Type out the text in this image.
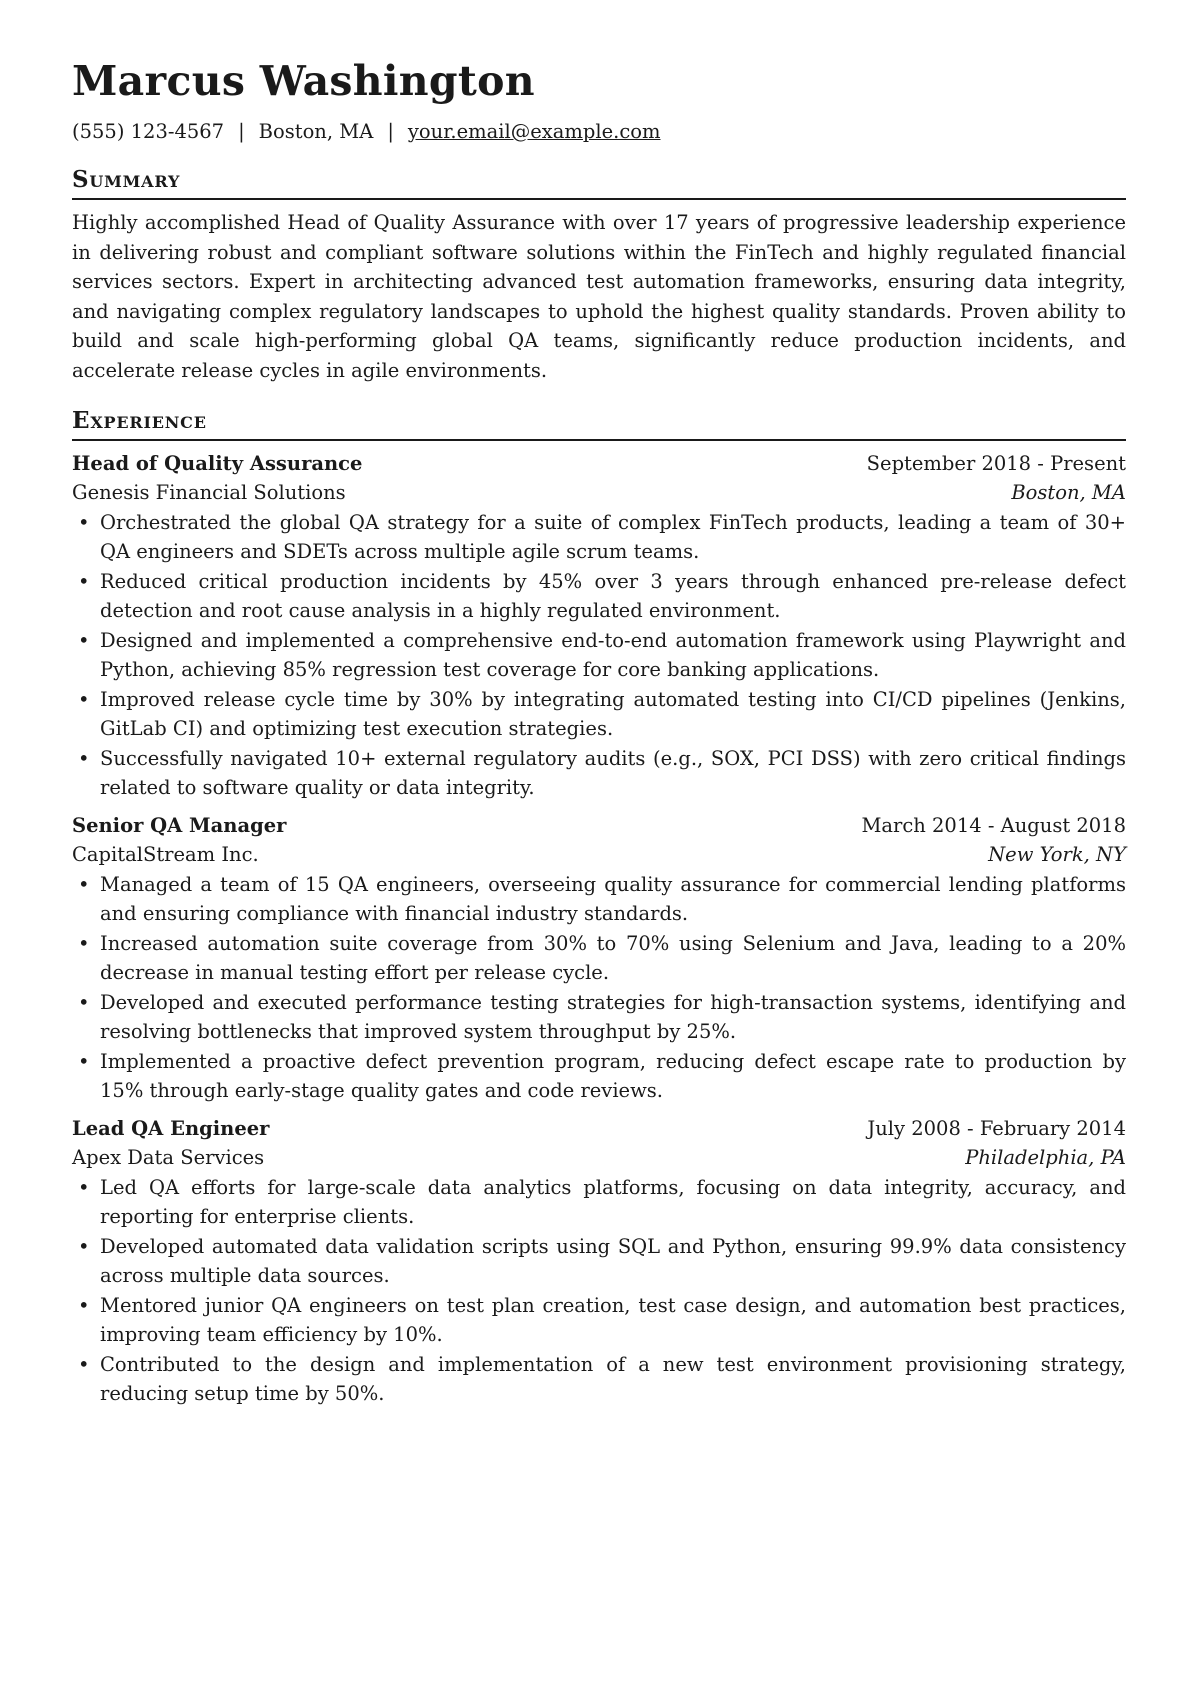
Marcus Washington
(555) 123-4567 | Boston, MA | your.email@example.com
Summary
Highly accomplished Head of Quality Assurance with over 17 years of progressive leadership experience in delivering robust and compliant software solutions within the FinTech and highly regulated financial services sectors. Expert in architecting advanced test automation frameworks, ensuring data integrity, and navigating complex regulatory landscapes to uphold the highest quality standards. Proven ability to build and scale high-performing global QA teams, significantly reduce production incidents, and accelerate release cycles in agile environments.
Experience
Head of Quality Assurance	September 2018 - Present
Genesis Financial Solutions	Boston, MA
• Orchestrated the global QA strategy for a suite of complex FinTech products, leading a team of 30+ QA engineers and SDETs across multiple agile scrum teams.
• Reduced critical production incidents by 45% over 3 years through enhanced pre-release defect detection and root cause analysis in a highly regulated environment.
• Designed and implemented a comprehensive end-to-end automation framework using Playwright and Python, achieving 85% regression test coverage for core banking applications.
• Improved release cycle time by 30% by integrating automated testing into CI/CD pipelines (Jenkins, GitLab CI) and optimizing test execution strategies.
• Successfully navigated 10+ external regulatory audits (e.g., SOX, PCI DSS) with zero critical findings related to software quality or data integrity.
Senior QA Manager	March 2014 - August 2018
CapitalStream Inc.	New York, NY
• Managed a team of 15 QA engineers, overseeing quality assurance for commercial lending platforms and ensuring compliance with financial industry standards.
• Increased automation suite coverage from 30% to 70% using Selenium and Java, leading to a 20% decrease in manual testing effort per release cycle.
• Developed and executed performance testing strategies for high-transaction systems, identifying and resolving bottlenecks that improved system throughput by 25%.
• Implemented a proactive defect prevention program, reducing defect escape rate to production by 15% through early-stage quality gates and code reviews.
Lead QA Engineer	July 2008 - February 2014
Apex Data Services	Philadelphia, PA
• Led QA efforts for large-scale data analytics platforms, focusing on data integrity, accuracy, and reporting for enterprise clients.
• Developed automated data validation scripts using SQL and Python, ensuring 99.9% data consistency across multiple data sources.
• Mentored junior QA engineers on test plan creation, test case design, and automation best practices, improving team efficiency by 10%.
• Contributed to the design and implementation of a new test environment provisioning strategy, reducing setup time by 50%.
